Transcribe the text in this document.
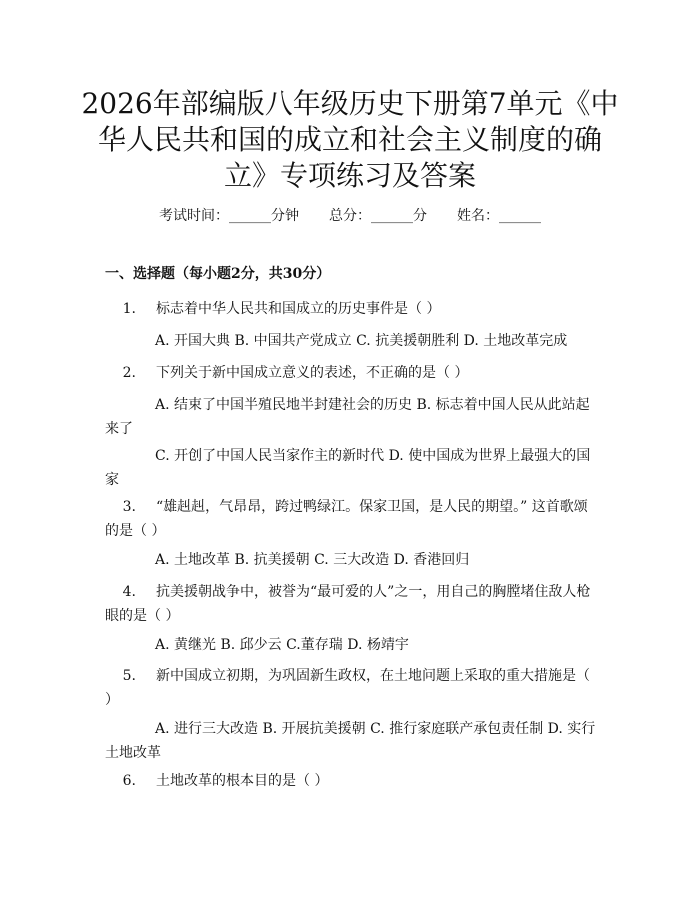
2026年部编版八年级历史下册第7单元《中华人民共和国的成立和社会主义制度的确立》专项练习及答案
考试时间：______分钟 总分：______分 姓名：______
一、选择题（每小题2分，共30分）
1. 标志着中华人民共和国成立的历史事件是（ ）
A. 开国大典 B. 中国共产党成立 C. 抗美援朝胜利 D. 土地改革完成
2. 下列关于新中国成立意义的表述，不正确的是（ ）
A. 结束了中国半殖民地半封建社会的历史 B. 标志着中国人民从此站起来了
C. 开创了中国人民当家作主的新时代 D. 使中国成为世界上最强大的国家
3. “雄赳赳，气昂昂，跨过鸭绿江。保家卫国，是人民的期望。” 这首歌颂的是（ ）
A. 土地改革 B. 抗美援朝 C. 三大改造 D. 香港回归
4. 抗美援朝战争中，被誉为“最可爱的人”之一，用自己的胸膛堵住敌人枪眼的是（ ）
A. 黄继光 B. 邱少云 C.董存瑞 D. 杨靖宇
5. 新中国成立初期，为巩固新生政权，在土地问题上采取的重大措施是（ ）
A. 进行三大改造 B. 开展抗美援朝 C. 推行家庭联产承包责任制 D. 实行土地改革
6. 土地改革的根本目的是（ ）
